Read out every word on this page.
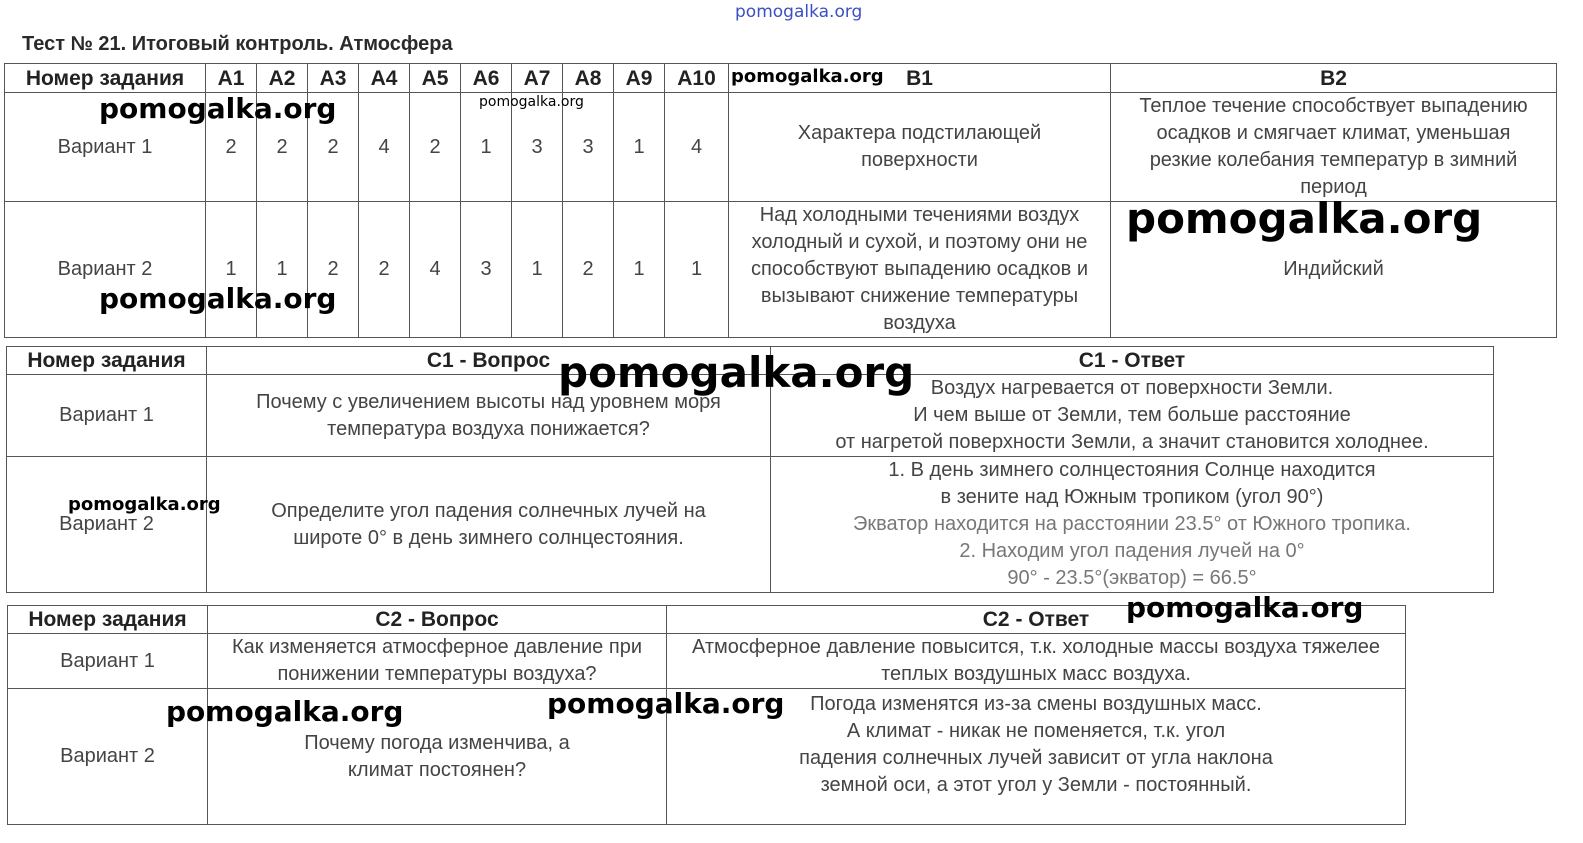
pomogalka.org
Тест № 21. Итоговый контроль. Атмосфера
Номер задания	А1	А2	А3	А4	А5	А6	А7	А8	А9	А10	B1	B2
Вариант 1	2	2	2	4	2	1	3	3	1	4	Характера подстилающей поверхности	Теплое течение способствует выпадению осадков и смягчает климат, уменьшая резкие колебания температур в зимний период
Вариант 2	1	1	2	2	4	3	1	2	1	1	Над холодными течениями воздух холодный и сухой, и поэтому они не способствуют выпадению осадков и вызывают снижение температуры воздуха	Индийский
Номер задания	С1 - Вопрос	С1 - Ответ
Вариант 1	Почему с увеличением высоты над уровнем моря температура воздуха понижается?	Воздух нагревается от поверхности Земли.
И чем выше от Земли, тем больше расстояние
от нагретой поверхности Земли, а значит становится холоднее.

Вариант 2	Определите угол падения солнечных лучей на широте 0° в день зимнего солнцестояния.	1. В день зимнего солнцестояния Солнце находится
в зените над Южным тропиком (угол 90°)
Экватор находится на расстоянии 23.5° от Южного тропика.
2. Находим угол падения лучей на 0°
90° - 23.5°(экватор) = 66.5°
Номер задания	С2 - Вопрос	С2 - Ответ
Вариант 1	Как изменяется атмосферное давление при понижении температуры воздуха?	Атмосферное давление повысится, т.к. холодные массы воздуха тяжелее теплых воздушных масс воздуха.
Вариант 2	Почему погода изменчива, а климат постоянен?	Погода изменятся из-за смены воздушных масс.
А климат - никак не поменяется, т.к. угол
падения солнечных лучей зависит от угла наклона
земной оси, а этот угол у Земли - постоянный.
pomogalka.org
pomogalka.org	pomogalka.org
pomogalka.org
pomogalka.org
pomogalka.org
pomogalka.org
pomogalka.org
pomogalka.org
pomogalka.org
